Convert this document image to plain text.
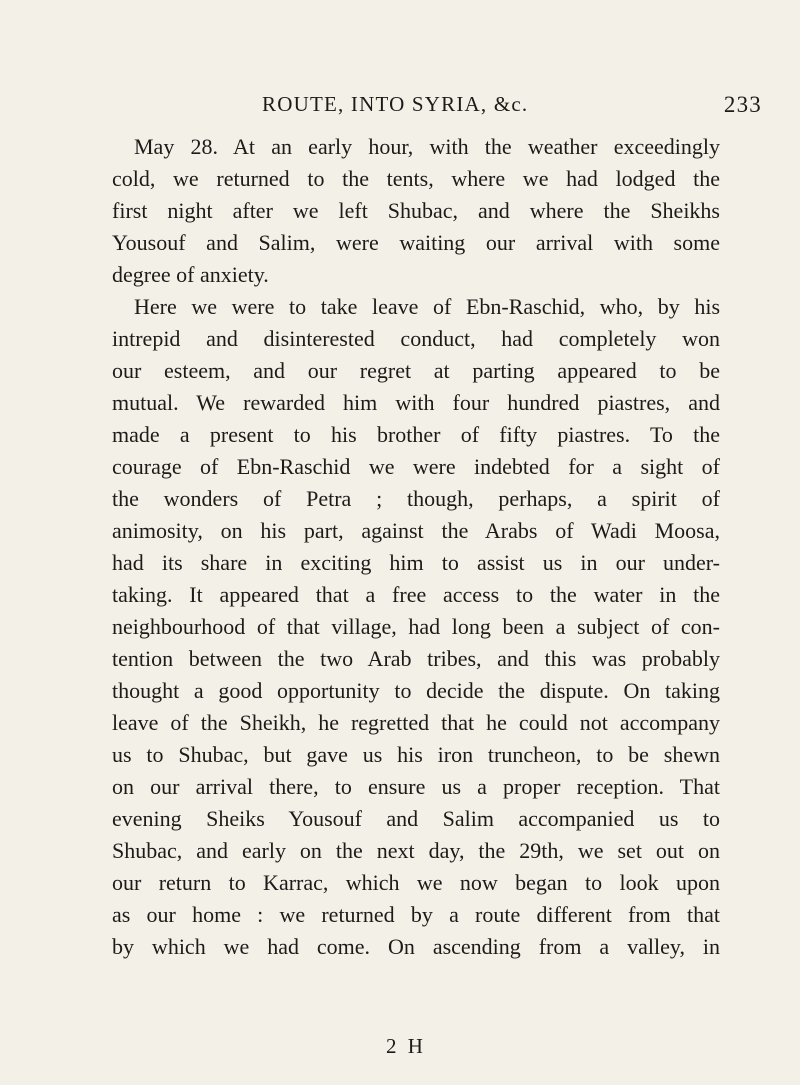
ROUTE, INTO SYRIA, &c.	233
May 28. At an early hour, with the weather exceedingly
cold, we returned to the tents, where we had lodged the
first night after we left Shubac, and where the Sheikhs
Yousouf and Salim, were waiting our arrival with some
degree of anxiety.
Here we were to take leave of Ebn-Raschid, who, by his
intrepid and disinterested conduct, had completely won
our esteem, and our regret at parting appeared to be
mutual. We rewarded him with four hundred piastres, and
made a present to his brother of fifty piastres. To the
courage of Ebn-Raschid we were indebted for a sight of
the wonders of Petra ; though, perhaps, a spirit of
animosity, on his part, against the Arabs of Wadi Moosa,
had its share in exciting him to assist us in our under-
taking. It appeared that a free access to the water in the
neighbourhood of that village, had long been a subject of con-
tention between the two Arab tribes, and this was probably
thought a good opportunity to decide the dispute. On taking
leave of the Sheikh, he regretted that he could not accompany
us to Shubac, but gave us his iron truncheon, to be shewn
on our arrival there, to ensure us a proper reception. That
evening Sheiks Yousouf and Salim accompanied us to
Shubac, and early on the next day, the 29th, we set out on
our return to Karrac, which we now began to look upon
as our home : we returned by a route different from that
by which we had come. On ascending from a valley, in
2 H
